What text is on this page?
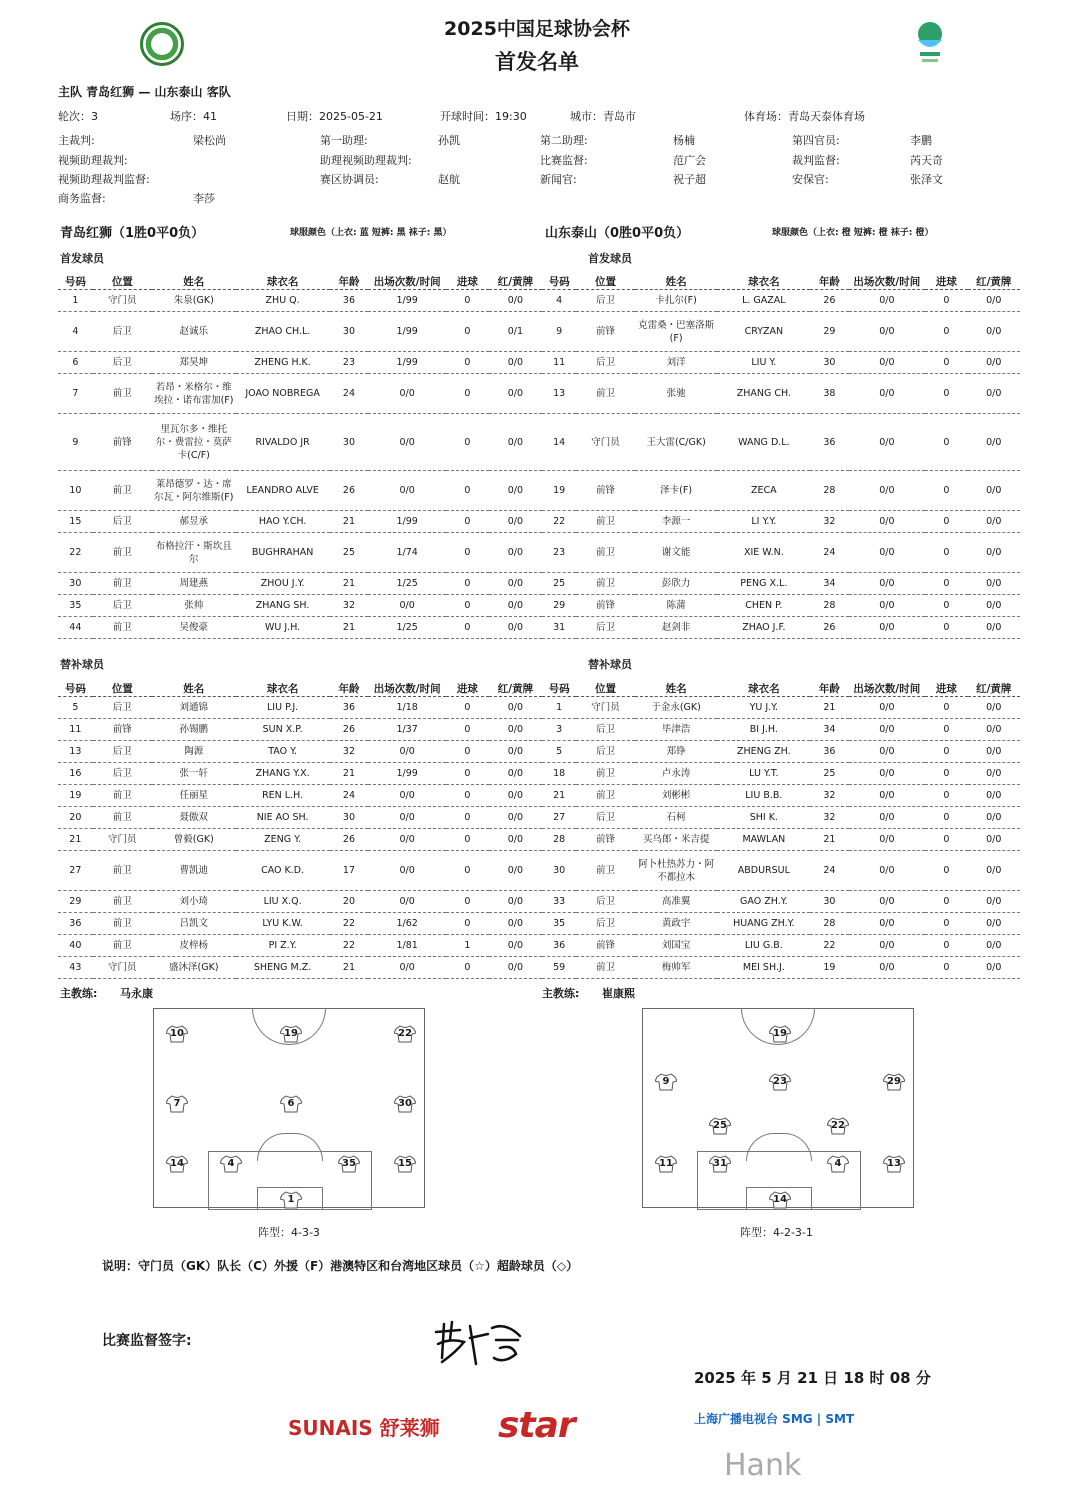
2025中国足球协会杯
首发名单
主队 青岛红狮 — 山东泰山 客队
轮次：3	场序：41	日期：2025-05-21	开球时间：19:30	城市：青岛市	体育场：青岛天泰体育场
主裁判:	梁松尚	第一助理:	孙凯	第二助理:	杨楠	第四官员:	李鹏
视频助理裁判:	助理视频助理裁判:	比赛监督:	范广会	裁判监督:	芮天奇
视频助理裁判监督:	赛区协调员:	赵航	新闻官:	祝子超	安保官:	张泽文
商务监督:	李莎
青岛红狮（1胜0平0负）	球服颜色（上衣: 蓝 短裤: 黑 袜子: 黑）	山东泰山（0胜0平0负）	球服颜色（上衣: 橙 短裤: 橙 袜子: 橙）
首发球员	首发球员
号码	位置	姓名	球衣名	年龄	出场次数/时间	进球	红/黄牌
1	守门员	朱泉(GK)	ZHU Q.	36	1/99	0	0/0
4	后卫	赵诚乐	ZHAO CH.L.	30	1/99	0	0/1
6	后卫	郑昊坤	ZHENG H.K.	23	1/99	0	0/0
7	前卫	若昂・米格尔・维埃拉・诺布雷加(F)	JOAO NOBREGA	24	0/0	0	0/0
9	前锋	里瓦尔多・维托尔・费雷拉・莫萨卡(C/F)	RIVALDO JR	30	0/0	0	0/0
10	前卫	莱昂德罗・达・席尔瓦・阿尔维斯(F)	LEANDRO ALVE	26	0/0	0	0/0
15	后卫	郝昱承	HAO Y.CH.	21	1/99	0	0/0
22	前卫	布格拉汗・斯坎且尔	BUGHRAHAN	25	1/74	0	0/0
30	前卫	周建燕	ZHOU J.Y.	21	1/25	0	0/0
35	后卫	张帅	ZHANG SH.	32	0/0	0	0/0
44	前卫	吴俊豪	WU J.H.	21	1/25	0	0/0
号码	位置	姓名	球衣名	年龄	出场次数/时间	进球	红/黄牌
4	后卫	卡扎尔(F)	L. GAZAL	26	0/0	0	0/0
9	前锋	克雷桑・巴塞洛斯(F)	CRYZAN	29	0/0	0	0/0
11	后卫	刘洋	LIU Y.	30	0/0	0	0/0
13	前卫	张驰	ZHANG CH.	38	0/0	0	0/0
14	守门员	王大雷(C/GK)	WANG D.L.	36	0/0	0	0/0
19	前锋	泽卡(F)	ZECA	28	0/0	0	0/0
22	前卫	李源一	LI Y.Y.	32	0/0	0	0/0
23	前卫	谢文能	XIE W.N.	24	0/0	0	0/0
25	前卫	彭欣力	PENG X.L.	34	0/0	0	0/0
29	前锋	陈蒲	CHEN P.	28	0/0	0	0/0
31	后卫	赵剑非	ZHAO J.F.	26	0/0	0	0/0
替补球员	替补球员
号码	位置	姓名	球衣名	年龄	出场次数/时间	进球	红/黄牌
5	后卫	刘通锦	LIU P.J.	36	1/18	0	0/0
11	前锋	孙锡鹏	SUN X.P.	26	1/37	0	0/0
13	后卫	陶源	TAO Y.	32	0/0	0	0/0
16	后卫	张一轩	ZHANG Y.X.	21	1/99	0	0/0
19	前卫	任丽星	REN L.H.	24	0/0	0	0/0
20	前卫	聂傲双	NIE AO SH.	30	0/0	0	0/0
21	守门员	曾毅(GK)	ZENG Y.	26	0/0	0	0/0
27	前卫	曹凯迪	CAO K.D.	17	0/0	0	0/0
29	前卫	刘小琦	LIU X.Q.	20	0/0	0	0/0
36	前卫	吕凯文	LYU K.W.	22	1/62	0	0/0
40	前卫	皮梓杨	PI Z.Y.	22	1/81	1	0/0
43	守门员	盛沐泽(GK)	SHENG M.Z.	21	0/0	0	0/0
号码	位置	姓名	球衣名	年龄	出场次数/时间	进球	红/黄牌
1	守门员	于金永(GK)	YU J.Y.	21	0/0	0	0/0
3	后卫	毕津浩	BI J.H.	34	0/0	0	0/0
5	后卫	郑铮	ZHENG ZH.	36	0/0	0	0/0
18	前卫	卢永涛	LU Y.T.	25	0/0	0	0/0
21	前卫	刘彬彬	LIU B.B.	32	0/0	0	0/0
27	后卫	石柯	SHI K.	32	0/0	0	0/0
28	前锋	买乌郎・米吉提	MAWLAN	21	0/0	0	0/0
30	前卫	阿卜杜热苏力・阿不都拉木	ABDURSUL	24	0/0	0	0/0
33	后卫	高准翼	GAO ZH.Y.	30	0/0	0	0/0
35	后卫	黄政宇	HUANG ZH.Y.	28	0/0	0	0/0
36	前锋	刘国宝	LIU G.B.	22	0/0	0	0/0
59	前卫	梅帅军	MEI SH.J.	19	0/0	0	0/0
主教练: 马永康	主教练: 崔康熙
10	19	22
7	6	30
14	4	35	15
1
19
9	23	29
25	22
11	31	4	13
14
阵型：4-3-3	阵型：4-2-3-1
说明：守门员（GK）队长（C）外援（F）港澳特区和台湾地区球员（☆）超龄球员（◇）
比赛监督签字:
2025 年 5 月 21 日 18 时 08 分
SUNAIS 舒莱狮 star	上海广播电视台 SMG | SMT
Hank
